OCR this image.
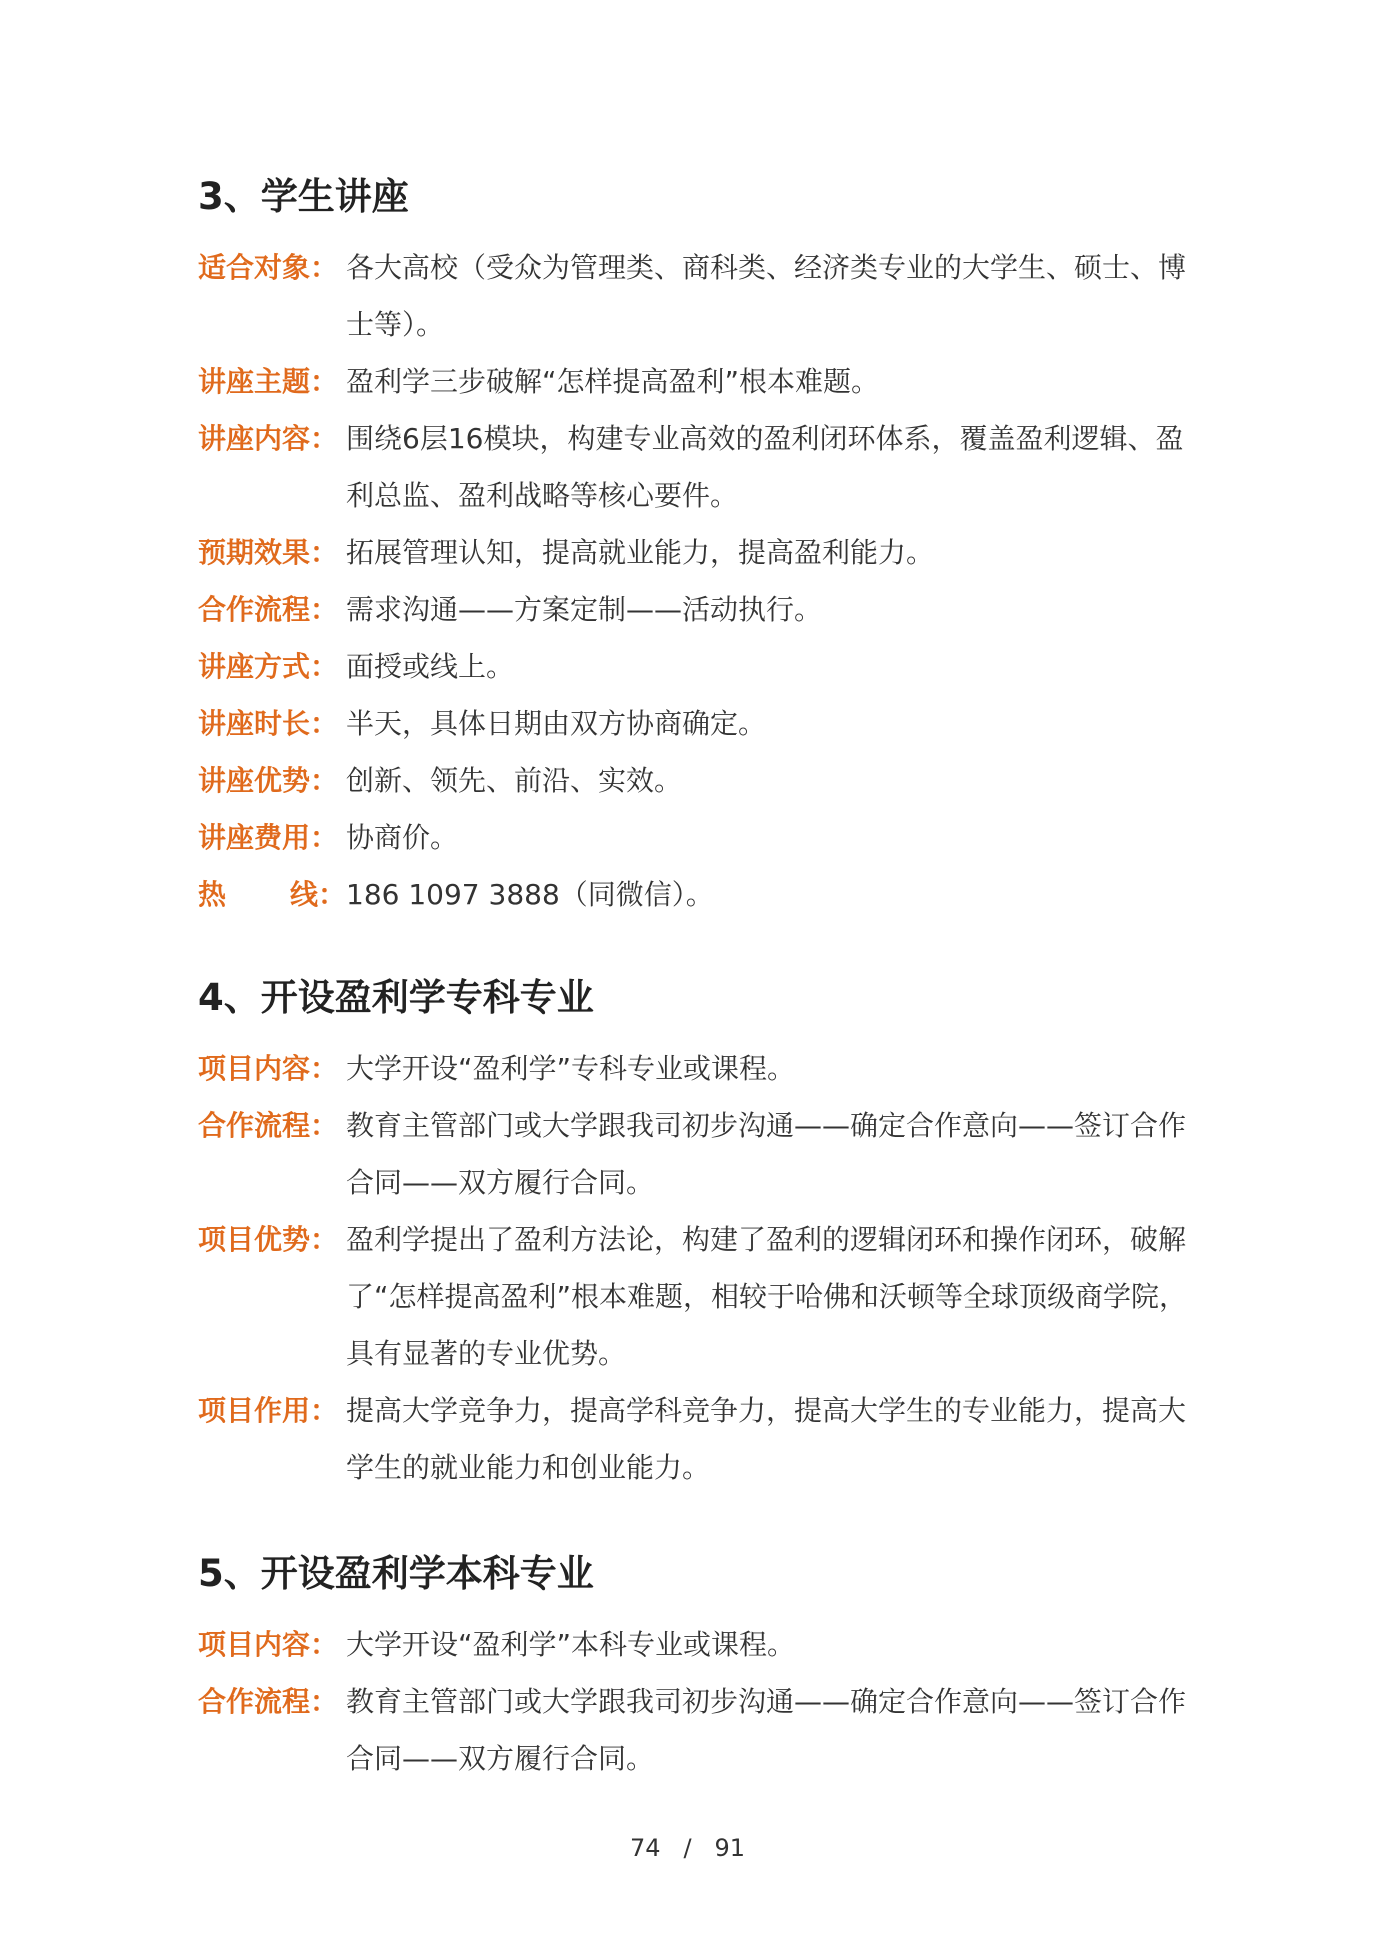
3、学生讲座
适合对象： 各大高校（受众为管理类、商科类、经济类专业的大学生、硕士、博士等）。
讲座主题： 盈利学三步破解“怎样提高盈利”根本难题。
讲座内容： 围绕6层16模块，构建专业高效的盈利闭环体系，覆盖盈利逻辑、盈利总监、盈利战略等核心要件。
预期效果： 拓展管理认知，提高就业能力，提高盈利能力。
合作流程： 需求沟通——方案定制——活动执行。
讲座方式： 面授或线上。
讲座时长： 半天，具体日期由双方协商确定。
讲座优势： 创新、领先、前沿、实效。
讲座费用： 协商价。
热 线： 186 1097 3888（同微信）。
4、开设盈利学专科专业
项目内容： 大学开设“盈利学”专科专业或课程。
合作流程： 教育主管部门或大学跟我司初步沟通——确定合作意向——签订合作合同——双方履行合同。
项目优势： 盈利学提出了盈利方法论，构建了盈利的逻辑闭环和操作闭环，破解了“怎样提高盈利”根本难题，相较于哈佛和沃顿等全球顶级商学院，具有显著的专业优势。
项目作用： 提高大学竞争力，提高学科竞争力，提高大学生的专业能力，提高大学生的就业能力和创业能力。
5、开设盈利学本科专业
项目内容： 大学开设“盈利学”本科专业或课程。
合作流程： 教育主管部门或大学跟我司初步沟通——确定合作意向——签订合作合同——双方履行合同。
74 / 91
